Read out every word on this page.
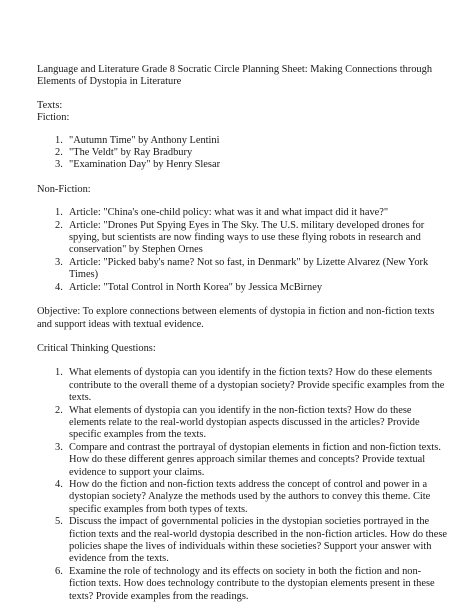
Language and Literature Grade 8 Socratic Circle Planning Sheet: Making Connections through Elements of Dystopia in Literature

Texts:

Fiction:

1. "Autumn Time" by Anthony Lentini
2. "The Veldt" by Ray Bradbury
3. "Examination Day" by Henry Slesar

Non-Fiction:

1. Article: "China's one-child policy: what was it and what impact did it have?"
2. Article: "Drones Put Spying Eyes in The Sky. The U.S. military developed drones for spying, but scientists are now finding ways to use these flying robots in research and conservation" by Stephen Ornes
3. Article: "Picked baby's name? Not so fast, in Denmark" by Lizette Alvarez (New York Times)
4. Article: "Total Control in North Korea" by Jessica McBirney

Objective: To explore connections between elements of dystopia in fiction and non-fiction texts and support ideas with textual evidence.

Critical Thinking Questions:

1. What elements of dystopia can you identify in the fiction texts? How do these elements contribute to the overall theme of a dystopian society? Provide specific examples from the texts.
2. What elements of dystopia can you identify in the non-fiction texts? How do these elements relate to the real-world dystopian aspects discussed in the articles? Provide specific examples from the texts.
3. Compare and contrast the portrayal of dystopian elements in fiction and non-fiction texts. How do these different genres approach similar themes and concepts? Provide textual evidence to support your claims.
4. How do the fiction and non-fiction texts address the concept of control and power in a dystopian society? Analyze the methods used by the authors to convey this theme. Cite specific examples from both types of texts.
5. Discuss the impact of governmental policies in the dystopian societies portrayed in the fiction texts and the real-world dystopia described in the non-fiction articles. How do these policies shape the lives of individuals within these societies? Support your answer with evidence from the texts.
6. Examine the role of technology and its effects on society in both the fiction and non-fiction texts. How does technology contribute to the dystopian elements present in these texts? Provide examples from the readings.
